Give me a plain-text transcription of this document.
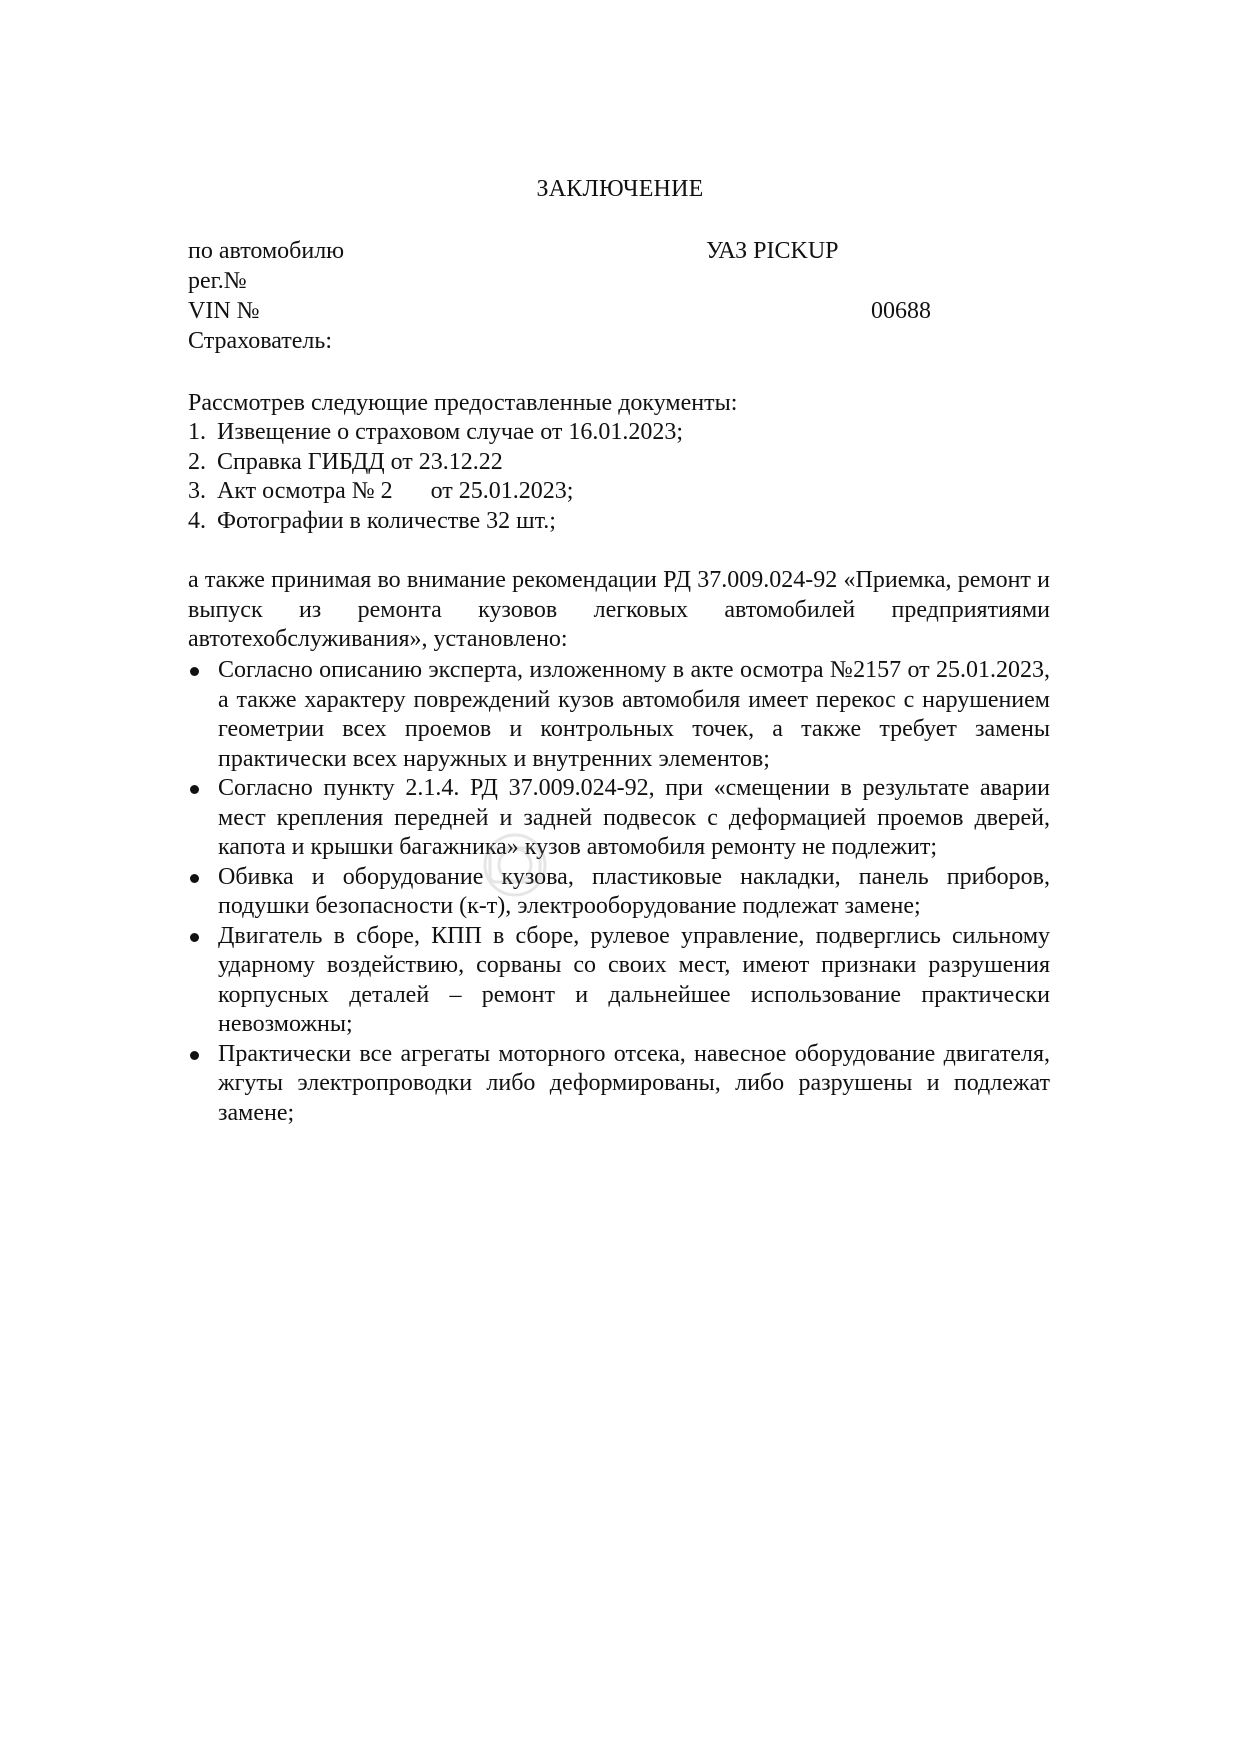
ЗАКЛЮЧЕНИЕ
по автомобилю	УАЗ PICKUP
рег.№
VIN №	00688
Страхователь:
Рассмотрев следующие предоставленные документы:
1. Извещение о страховом случае от 16.01.2023;
2. Справка ГИБДД от 23.12.22
3. Акт осмотра № 2 от 25.01.2023;
4. Фотографии в количестве 32 шт.;
а также принимая во внимание рекомендации РД 37.009.024-92 «Приемка, ремонт и выпуск из ремонта кузовов легковых автомобилей предприятиями автотехобслуживания», установлено:
Согласно описанию эксперта, изложенному в акте осмотра №2157 от 25.01.2023, а также характеру повреждений кузов автомобиля имеет перекос с нарушением геометрии всех проемов и контрольных точек, а также требует замены практически всех наружных и внутренних элементов;
Согласно пункту 2.1.4. РД 37.009.024-92, при «смещении в результате аварии мест крепления передней и задней подвесок с деформацией проемов дверей, капота и крышки багажника» кузов автомобиля ремонту не подлежит;
Обивка и оборудование кузова, пластиковые накладки, панель приборов, подушки безопасности (к-т), электрооборудование подлежат замене;
Двигатель в сборе, КПП в сборе, рулевое управление, подверглись сильному ударному воздействию, сорваны со своих мест, имеют признаки разрушения корпусных деталей – ремонт и дальнейшее использование практически невозможны;
Практически все агрегаты моторного отсека, навесное оборудование двигателя, жгуты электропроводки либо деформированы, либо разрушены и подлежат замене;
